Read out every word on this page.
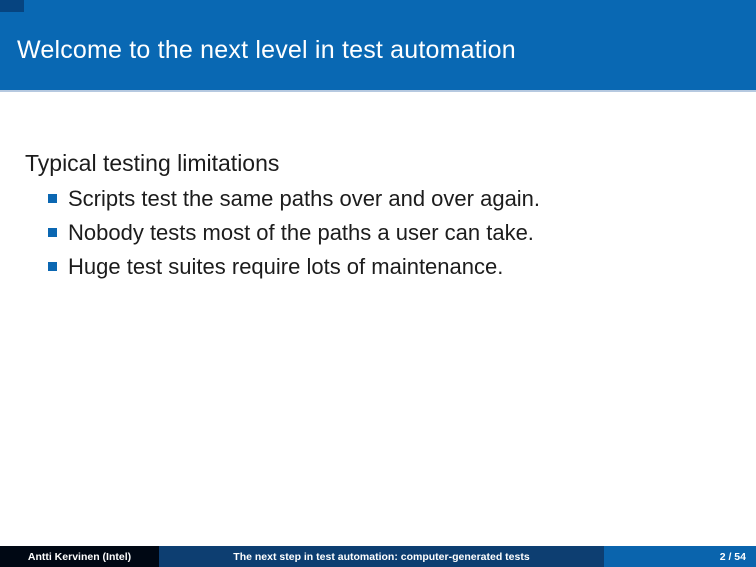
Welcome to the next level in test automation
Typical testing limitations
Scripts test the same paths over and over again.
Nobody tests most of the paths a user can take.
Huge test suites require lots of maintenance.
Antti Kervinen (Intel)	The next step in test automation: computer-generated tests	2 / 54
